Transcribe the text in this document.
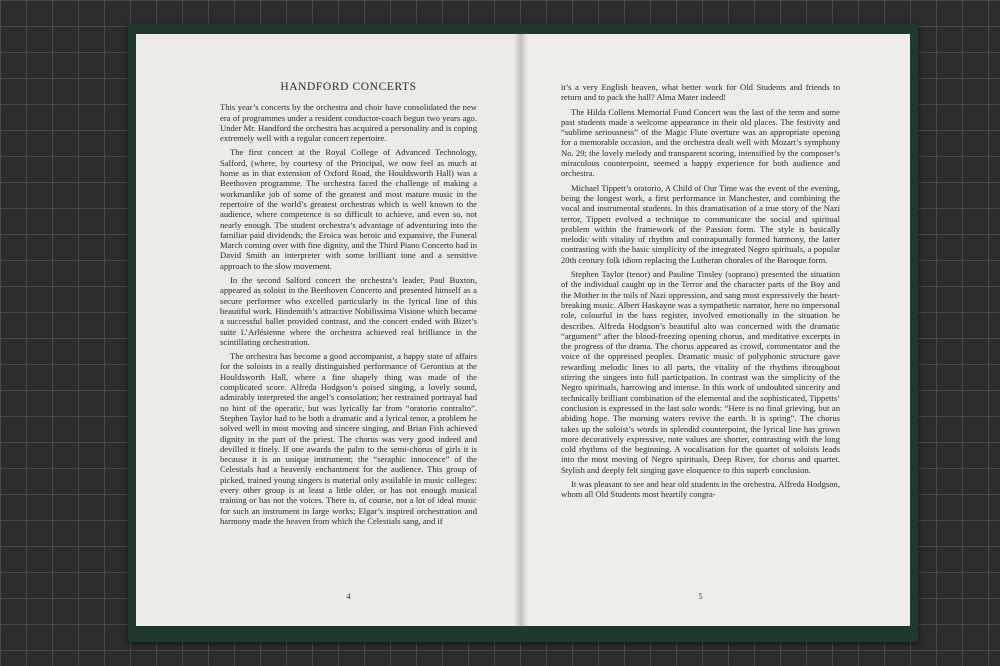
HANDFORD CONCERTS

This year’s concerts by the orchestra and choir have consolidated the new era of programmes under a resident conductor-coach begun two years ago. Under Mr. Handford the orchestra has acquired a personality and is coping extremely well with a regular concert repertoire.

The first concert at the Royal College of Advanced Technology, Salford, (where, by courtesy of the Principal, we now feel as much at home as in that extension of Oxford Road, the Houldsworth Hall) was a Beethoven programme. The orchestra faced the challenge of making a workmanlike job of some of the greatest and most mature music in the repertoire of the world’s greatest orchestras which is well known to the audience, where competence is so difficult to achieve, and even so, not nearly enough. The student orchestra’s advantage of adventuring into the familiar paid dividends; the Eroica was heroic and expansive, the Funeral March coming over with fine dignity, and the Third Piano Concerto had in David Smith an interpreter with some brilliant tone and a sensitive approach to the slow movement.

In the second Salford concert the orchestra’s leader, Paul Buxton, appeared as soloist in the Beethoven Concerto and presented himself as a secure performer who excelled particularly in the lyrical line of this beautiful work. Hindemith’s attractive Nobilissima Visione which became a successful ballet provided contrast, and the concert ended with Bizet’s suite L’Arlésienne where the orchestra achieved real brilliance in the scintillating orchestration.

The orchestra has become a good accompanist, a happy state of affairs for the soloists in a really distinguished performance of Gerontius at the Houldsworth Hall, where a fine shapely thing was made of the complicated score. Alfreda Hodgson’s poised singing, a lovely sound, admirably interpreted the angel’s consolation; her restrained portrayal had no hint of the operatic, but was lyrically far from “oratorio contralto”. Stephen Taylor had to be both a dramatic and a lyrical tenor, a problem he solved well in most moving and sincere singing, and Brian Fish achieved dignity in the part of the priest. The chorus was very good indeed and devilled it finely. If one awards the palm to the semi-chorus of girls it is because it is an unique instrument; the “seraphic innocence” of the Celestials had a heavenly enchantment for the audience. This group of picked, trained young singers is material only available in music colleges: every other group is at least a little older, or has not enough musical training or has not the voices. There is, of course, not a lot of ideal music for such an instrument in large works; Elgar’s inspired orchestration and harmony made the heaven from which the Celestials sang, and if

4

it’s a very English heaven, what better work for Old Students and friends to return and to pack the hall? Alma Mater indeed!

The Hilda Collens Memorial Fund Concert was the last of the term and some past students made a welcome appearance in their old places. The festivity and “sublime seriousness” of the Magic Flute overture was an appropriate opening for a memorable occasion, and the orchestra dealt well with Mozart’s symphony No. 29; the lovely melody and transparent scoring, intensified by the composer’s miraculous counterpoint, seemed a happy experience for both audience and orchestra.

Michael Tippett’s oratorio, A Child of Our Time was the event of the evening, being the longest work, a first performance in Manchester, and combining the vocal and instrumental students. In this dramatisation of a true story of the Nazi terror, Tippett evolved a technique to communicate the social and spiritual problem within the framework of the Passion form. The style is basically melodic with vitality of rhythm and contrapuntally formed harmony, the latter contrasting with the basic simplicity of the integrated Negro spirituals, a popular 20th century folk idiom replacing the Lutheran chorales of the Baroque form.

Stephen Taylor (tenor) and Pauline Tinsley (soprano) presented the situation of the individual caught up in the Terror and the character parts of the Boy and the Mother in the toils of Nazi oppression, and sang most expressively the heart-breaking music. Albert Haskayne was a sympathetic narrator, here no impersonal role, colourful in the bass register, involved emotionally in the situation he describes. Alfreda Hodgson’s beautiful alto was concerned with the dramatic “argument” after the blood-freezing opening chorus, and meditative excerpts in the progress of the drama. The chorus appeared as crowd, commentator and the voice of the oppressed peoples. Dramatic music of polyphonic structure gave rewarding melodic lines to all parts, the vitality of the rhythms throughout stirring the singers into full participation. In contrast was the simplicity of the Negro spirituals, harrowing and intense. In this work of undoubted sincerity and technically brilliant combination of the elemental and the sophisticated, Tippetts’ conclusion is expressed in the last solo words: “Here is no final grieving, but an abiding hope. The morning waters revive the earth. It is spring”. The chorus takes up the soloist’s words in splendid counterpoint, the lyrical line has grown more decoratively expressive, note values are shorter, contrasting with the long cold rhythms of the beginning. A vocalisation for the quartet of soloists leads into the most moving of Negro spirituals, Deep River, for chorus and quartet. Stylish and deeply felt singing gave eloquence to this superb conclusion.

It was pleasant to see and hear old students in the orchestra. Alfreda Hodgson, whom all Old Students most heartily congra-

5
